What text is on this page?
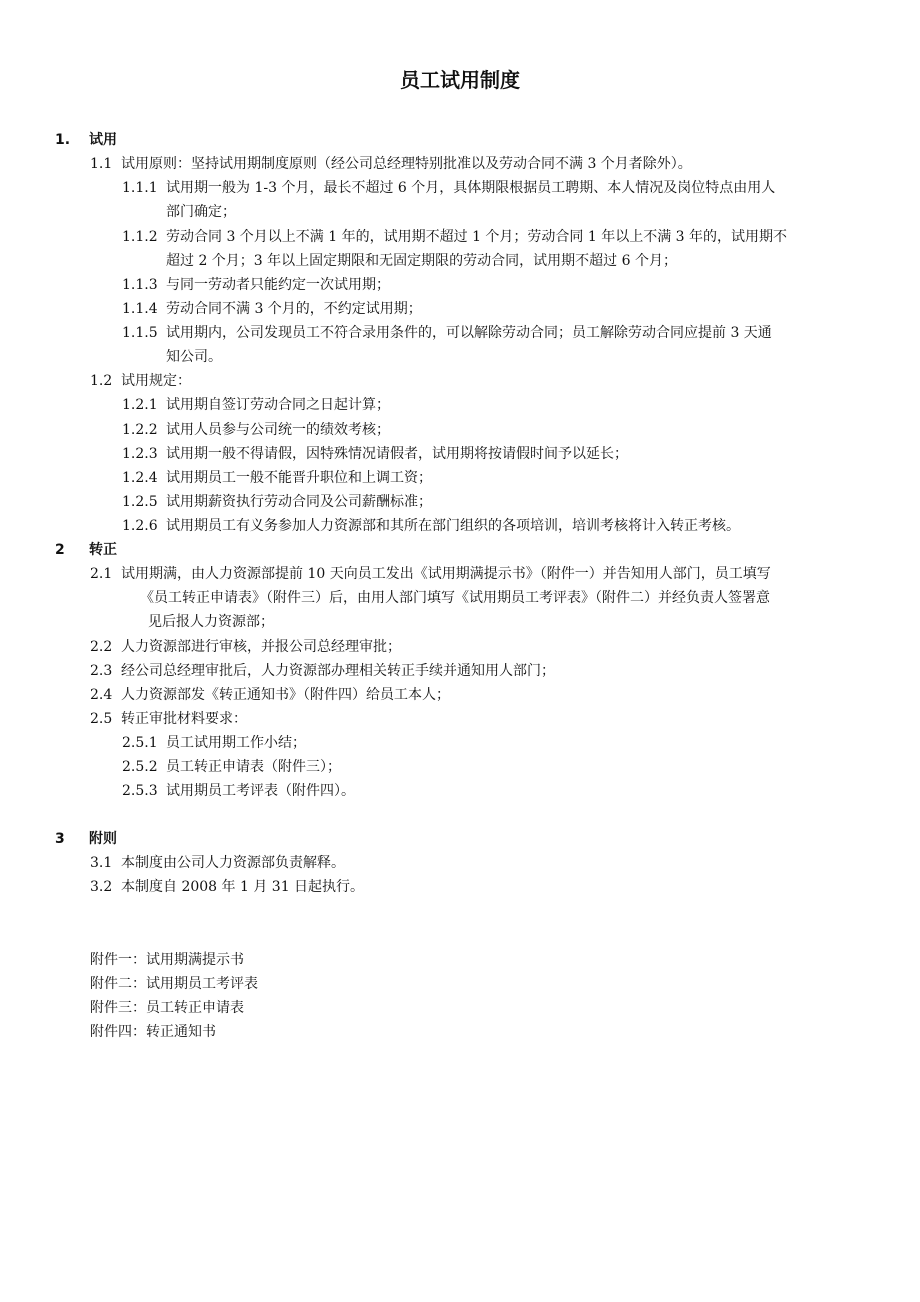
员工试用制度
1. 试用
1.1 试用原则：坚持试用期制度原则（经公司总经理特别批准以及劳动合同不满 3 个月者除外）。
1.1.1 试用期一般为 1-3 个月，最长不超过 6 个月，具体期限根据员工聘期、本人情况及岗位特点由用人
部门确定；
1.1.2 劳动合同 3 个月以上不满 1 年的，试用期不超过 1 个月；劳动合同 1 年以上不满 3 年的，试用期不
超过 2 个月；3 年以上固定期限和无固定期限的劳动合同，试用期不超过 6 个月；
1.1.3 与同一劳动者只能约定一次试用期；
1.1.4 劳动合同不满 3 个月的，不约定试用期；
1.1.5 试用期内，公司发现员工不符合录用条件的，可以解除劳动合同；员工解除劳动合同应提前 3 天通
知公司。
1.2 试用规定：
1.2.1 试用期自签订劳动合同之日起计算；
1.2.2 试用人员参与公司统一的绩效考核；
1.2.3 试用期一般不得请假，因特殊情况请假者，试用期将按请假时间予以延长；
1.2.4 试用期员工一般不能晋升职位和上调工资；
1.2.5 试用期薪资执行劳动合同及公司薪酬标准；
1.2.6 试用期员工有义务参加人力资源部和其所在部门组织的各项培训，培训考核将计入转正考核。
2 转正
2.1 试用期满，由人力资源部提前 10 天向员工发出《试用期满提示书》（附件一）并告知用人部门，员工填写
《员工转正申请表》（附件三）后，由用人部门填写《试用期员工考评表》（附件二）并经负责人签署意
见后报人力资源部；
2.2 人力资源部进行审核，并报公司总经理审批；
2.3 经公司总经理审批后，人力资源部办理相关转正手续并通知用人部门；
2.4 人力资源部发《转正通知书》（附件四）给员工本人；
2.5 转正审批材料要求：
2.5.1 员工试用期工作小结；
2.5.2 员工转正申请表（附件三）；
2.5.3 试用期员工考评表（附件四）。
3 附则
3.1 本制度由公司人力资源部负责解释。
3.2 本制度自 2008 年 1 月 31 日起执行。
附件一：试用期满提示书
附件二：试用期员工考评表
附件三：员工转正申请表
附件四：转正通知书
